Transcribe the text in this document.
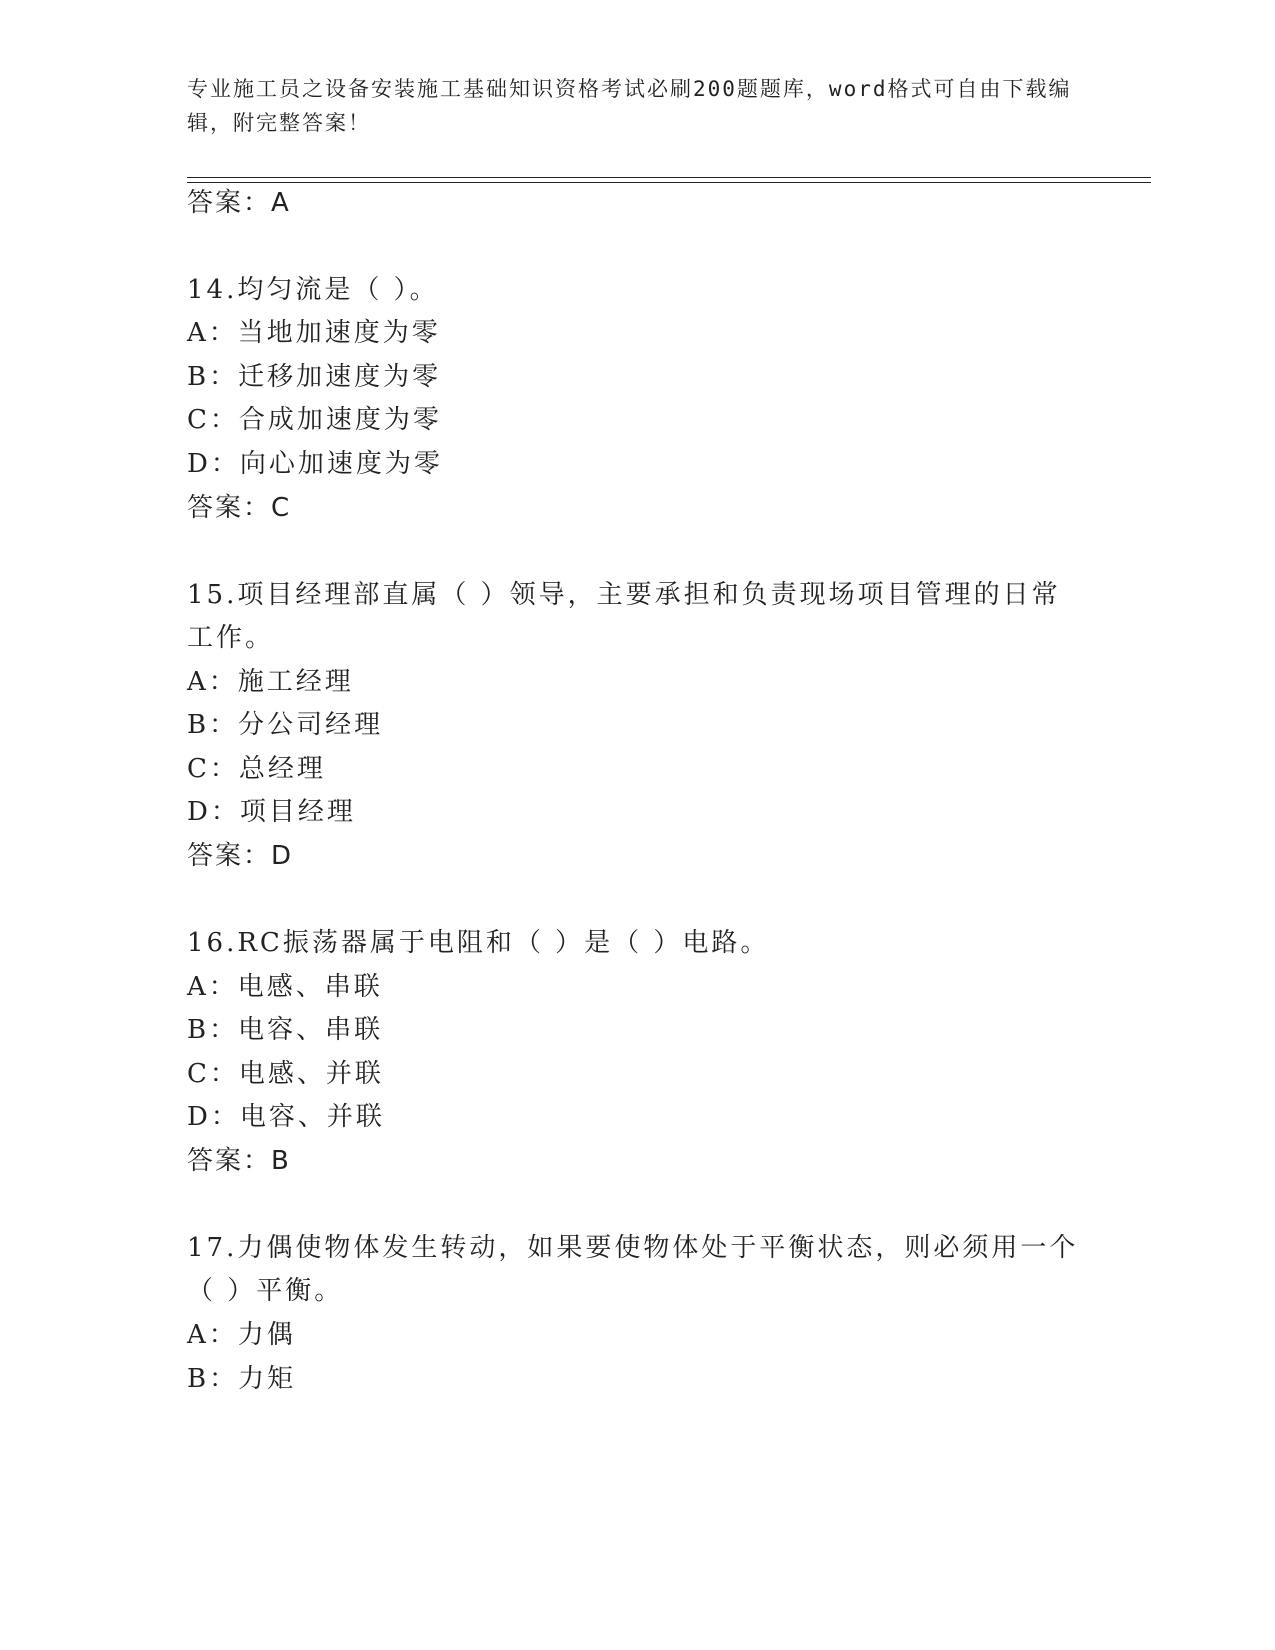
专业施工员之设备安装施工基础知识资格考试必刷200题题库，word格式可自由下载编辑，附完整答案！
答案：A
14.均匀流是（ ）。
A：当地加速度为零
B：迁移加速度为零
C：合成加速度为零
D：向心加速度为零
答案：C
15.项目经理部直属（ ）领导，主要承担和负责现场项目管理的日常
工作。
A：施工经理
B：分公司经理
C：总经理
D：项目经理
答案：D
16.RC振荡器属于电阻和（ ）是（ ）电路。
A：电感、串联
B：电容、串联
C：电感、并联
D：电容、并联
答案：B
17.力偶使物体发生转动，如果要使物体处于平衡状态，则必须用一个
（ ）平衡。
A：力偶
B：力矩
